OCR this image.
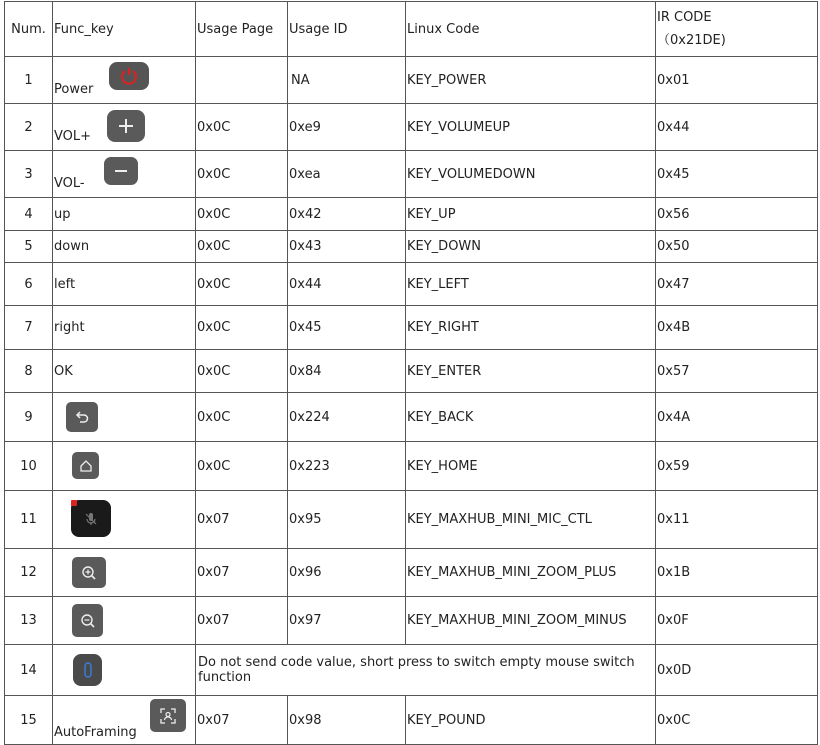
Num.	Func_key	Usage Page	Usage ID	Linux Code	IR CODE
（0x21DE)

1	Power		NA	KEY_POWER	0x01
2	VOL+	0x0C	0xe9	KEY_VOLUMEUP	0x44
3	VOL-	0x0C	0xea	KEY_VOLUMEDOWN	0x45
4	up	0x0C	0x42	KEY_UP	0x56
5	down	0x0C	0x43	KEY_DOWN	0x50
6	left	0x0C	0x44	KEY_LEFT	0x47
7	right	0x0C	0x45	KEY_RIGHT	0x4B
8	OK	0x0C	0x84	KEY_ENTER	0x57
9		0x0C	0x224	KEY_BACK	0x4A
10		0x0C	0x223	KEY_HOME	0x59
11		0x07	0x95	KEY_MAXHUB_MINI_MIC_CTL	0x11
12		0x07	0x96	KEY_MAXHUB_MINI_ZOOM_PLUS	0x1B
13		0x07	0x97	KEY_MAXHUB_MINI_ZOOM_MINUS	0x0F
14		Do not send code value, short press to switch empty mouse switch function			0x0D
15	AutoFraming	0x07	0x98	KEY_POUND	0x0C
